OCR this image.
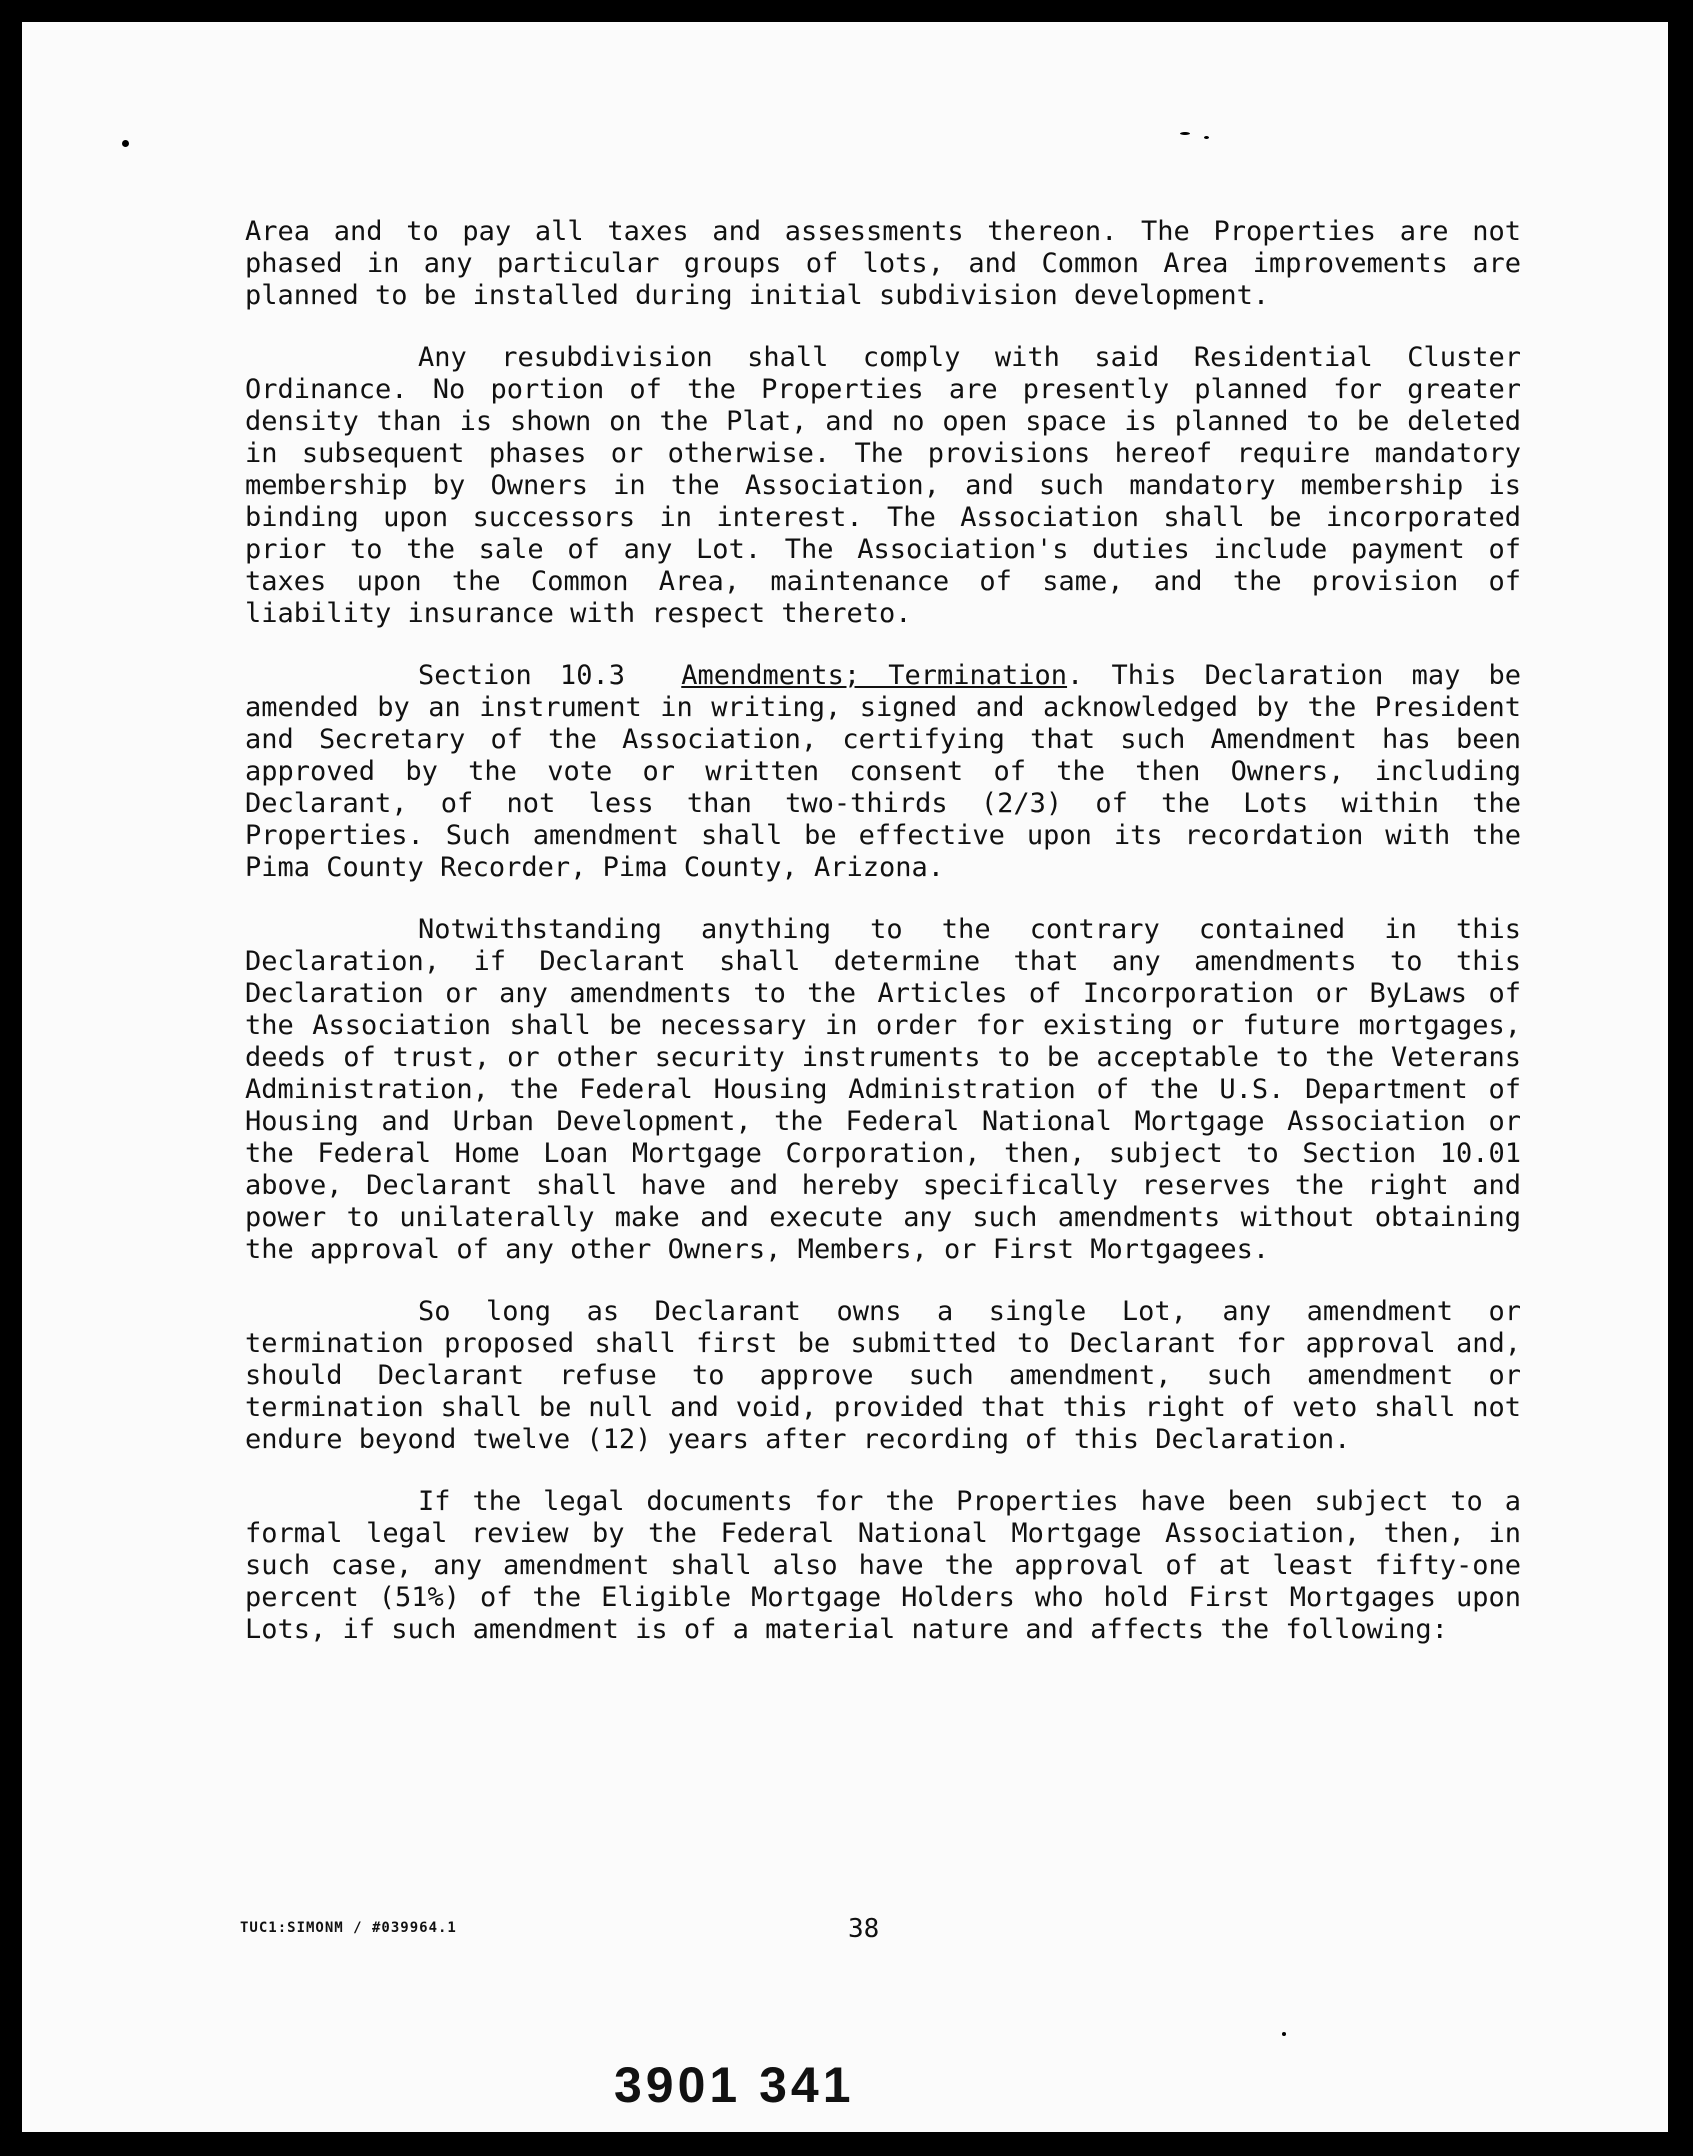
Area and to pay all taxes and assessments thereon. The Properties are not phased in any particular groups of lots, and Common Area improvements are planned to be installed during initial subdivision development.

Any resubdivision shall comply with said Residential Cluster Ordinance. No portion of the Properties are presently planned for greater density than is shown on the Plat, and no open space is planned to be deleted in subsequent phases or otherwise. The provisions hereof require mandatory membership by Owners in the Association, and such mandatory membership is binding upon successors in interest. The Association shall be incorporated prior to the sale of any Lot. The Association's duties include payment of taxes upon the Common Area, maintenance of same, and the provision of liability insurance with respect thereto.

Section 10.3 Amendments; Termination. This Declaration may be amended by an instrument in writing, signed and acknowledged by the President and Secretary of the Association, certifying that such Amendment has been approved by the vote or written consent of the then Owners, including Declarant, of not less than two-thirds (2/3) of the Lots within the Properties. Such amendment shall be effective upon its recordation with the Pima County Recorder, Pima County, Arizona.

Notwithstanding anything to the contrary contained in this Declaration, if Declarant shall determine that any amendments to this Declaration or any amendments to the Articles of Incorporation or ByLaws of the Association shall be necessary in order for existing or future mortgages, deeds of trust, or other security instruments to be acceptable to the Veterans Administration, the Federal Housing Administration of the U.S. Department of Housing and Urban Development, the Federal National Mortgage Association or the Federal Home Loan Mortgage Corporation, then, subject to Section 10.01 above, Declarant shall have and hereby specifically reserves the right and power to unilaterally make and execute any such amendments without obtaining the approval of any other Owners, Members, or First Mortgagees.

So long as Declarant owns a single Lot, any amendment or termination proposed shall first be submitted to Declarant for approval and, should Declarant refuse to approve such amendment, such amendment or termination shall be null and void, provided that this right of veto shall not endure beyond twelve (12) years after recording of this Declaration.

If the legal documents for the Properties have been subject to a formal legal review by the Federal National Mortgage Association, then, in such case, any amendment shall also have the approval of at least fifty-one percent (51%) of the Eligible Mortgage Holders who hold First Mortgages upon Lots, if such amendment is of a material nature and affects the following:

TUC1:SIMONM / #039964.1	38
3901 341
